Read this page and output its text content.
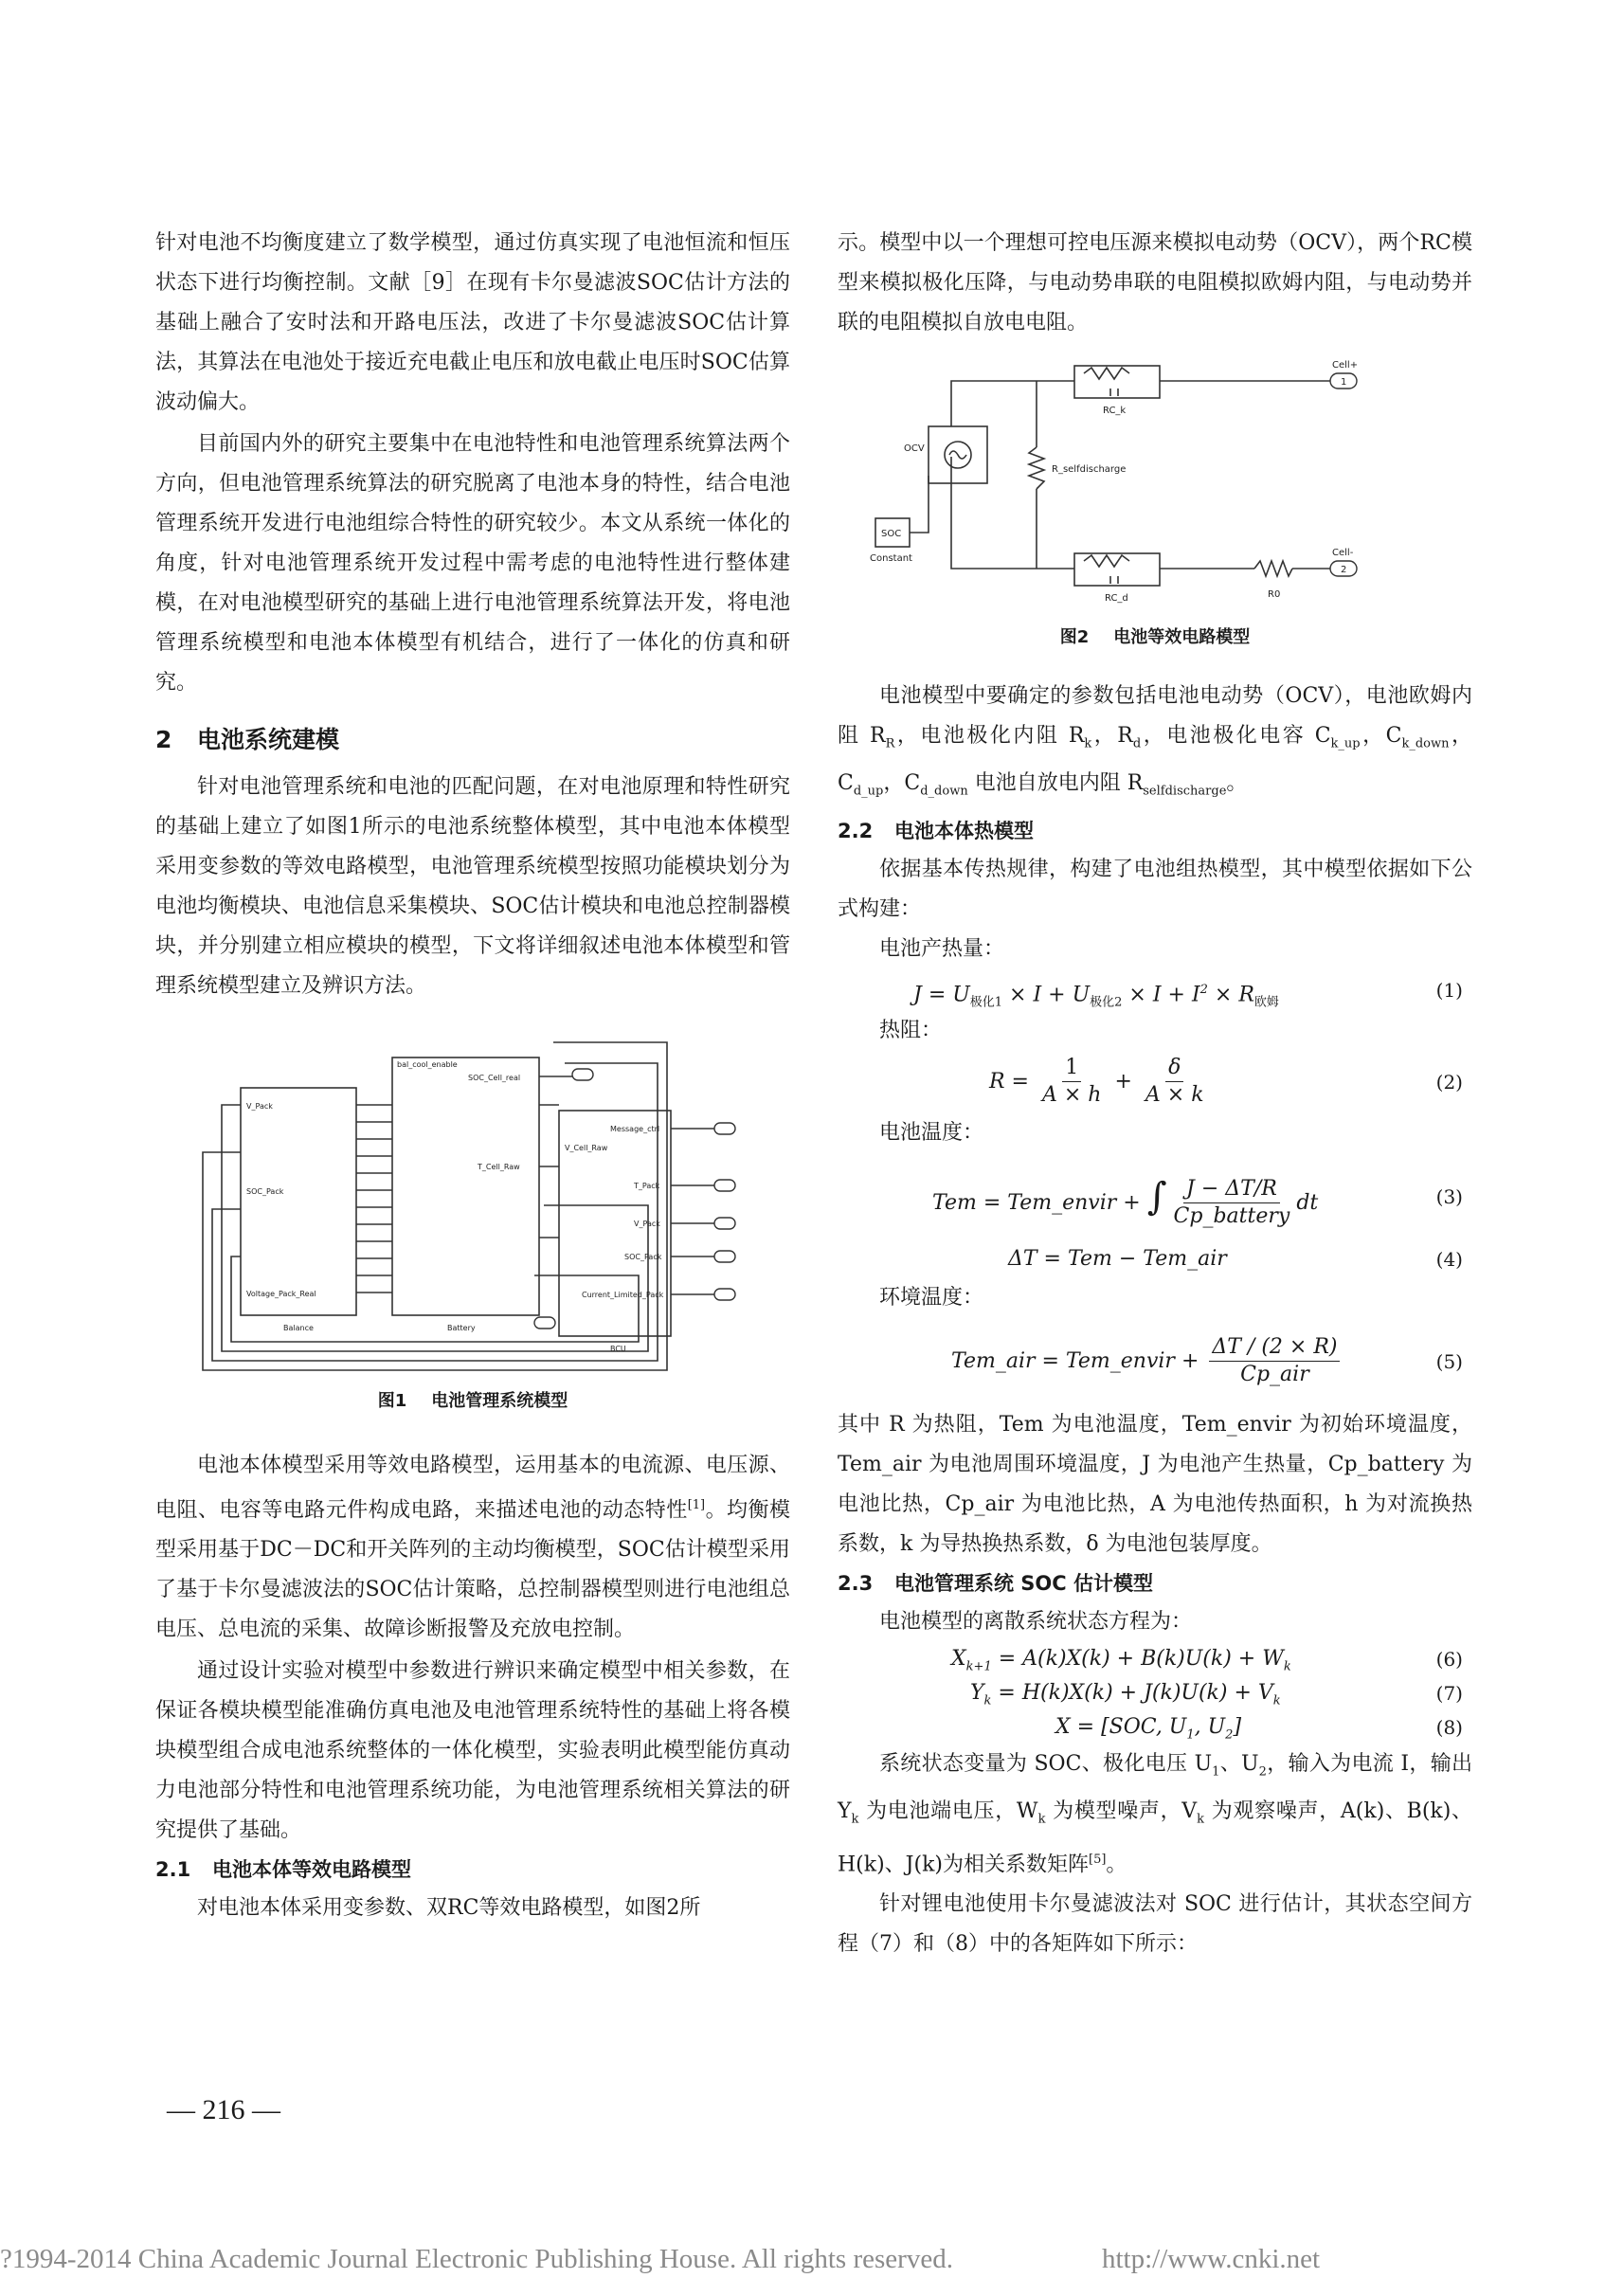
针对电池不均衡度建立了数学模型，通过仿真实现了电池恒流和恒压状态下进行均衡控制。文献［9］在现有卡尔曼滤波SOC估计方法的基础上融合了安时法和开路电压法，改进了卡尔曼滤波SOC估计算法，其算法在电池处于接近充电截止电压和放电截止电压时SOC估算波动偏大。

目前国内外的研究主要集中在电池特性和电池管理系统算法两个方向，但电池管理系统算法的研究脱离了电池本身的特性，结合电池管理系统开发进行电池组综合特性的研究较少。本文从系统一体化的角度，针对电池管理系统开发过程中需考虑的电池特性进行整体建模，在对电池模型研究的基础上进行电池管理系统算法开发，将电池管理系统模型和电池本体模型有机结合，进行了一体化的仿真和研究。

2 电池系统建模

针对电池管理系统和电池的匹配问题，在对电池原理和特性研究的基础上建立了如图1所示的电池系统整体模型，其中电池本体模型采用变参数的等效电路模型，电池管理系统模型按照功能模块划分为电池均衡模块、电池信息采集模块、SOC估计模块和电池总控制器模块，并分别建立相应模块的模型，下文将详细叙述电池本体模型和管理系统模型建立及辨识方法。

V_Pack
SOC_Pack
Voltage_Pack_Real
Balance	Battery
BCU
bal_cool_enable
SOC_Cell_real
T_Cell_Raw
V_Cell_Raw
Message_ctrl
T_Pack
V_Pack
SOC_Pack
Current_Limited_Pack
图1 电池管理系统模型

电池本体模型采用等效电路模型，运用基本的电流源、电压源、电阻、电容等电路元件构成电路，来描述电池的动态特性[1]。均衡模型采用基于DC－DC和开关阵列的主动均衡模型，SOC估计模型采用了基于卡尔曼滤波法的SOC估计策略，总控制器模型则进行电池组总电压、总电流的采集、故障诊断报警及充放电控制。

通过设计实验对模型中参数进行辨识来确定模型中相关参数，在保证各模块模型能准确仿真电池及电池管理系统特性的基础上将各模块模型组合成电池系统整体的一体化模型，实验表明此模型能仿真动力电池部分特性和电池管理系统功能，为电池管理系统相关算法的研究提供了基础。

2.1 电池本体等效电路模型

对电池本体采用变参数、双RC等效电路模型，如图2所

示。模型中以一个理想可控电压源来模拟电动势（OCV），两个RC模型来模拟极化压降，与电动势串联的电阻模拟欧姆内阻，与电动势并联的电阻模拟自放电电阻。

OCV
SOC
Constant
RC_k
RC_d
R_selfdischarge
R0
Cell+
Cell-
1
2
图2 电池等效电路模型

电池模型中要确定的参数包括电池电动势（OCV），电池欧姆内阻 $R_R$，电池极化内阻 $R_k$，$R_d$，电池极化电容 $C_{k\_up}$，$C_{k\_down}$，$C_{d\_up}$，$C_{d\_down}$ 电池自放电内阻 $R_{selfdischarge}$。

2.2 电池本体热模型

依据基本传热规律，构建了电池组热模型，其中模型依据如下公式构建：

电池产热量：
$J = U_{极化1} \times I + U_{极化2} \times I + I^2 \times R_{欧姆}$
(1)
热阻：
$R = \frac{1}{A \times h} + \frac{\delta}{A \times k}$	(2)
电池温度：
Tem = Tem_envir + ∫ $\frac{J - \Delta T/R}{\text{Cp\_battery}}$ dt	(3)
ΔT = Tem − Tem_air	(4)
环境温度：
Tem_air = Tem_envir + $\frac{\Delta T / (2 \times R)}{\text{Cp\_air}}$	(5)

其中 R 为热阻，Tem 为电池温度，Tem_envir 为初始环境温度，Tem_air 为电池周围环境温度，J 为电池产生热量，Cp_battery 为电池比热，Cp_air 为电池比热，A 为电池传热面积，h 为对流换热系数，k 为导热换热系数，δ 为电池包装厚度。

2.3 电池管理系统 SOC 估计模型

电池模型的离散系统状态方程为：

$X_{k+1} = A(k)X(k) + B(k)U(k) + W_k$	(6)
$Y_k = H(k)X(k) + J(k)U(k) + V_k$	(7)
X = [SOC, $U_1$, $U_2$]	(8)

系统状态变量为 SOC、极化电压 $U_1$、$U_2$，输入为电流 I，输出 $Y_k$ 为电池端电压，$W_k$ 为模型噪声，$V_k$ 为观察噪声，A(k)、B(k)、H(k)、J(k)为相关系数矩阵[5]。

针对锂电池使用卡尔曼滤波法对 SOC 进行估计，其状态空间方程（7）和（8）中的各矩阵如下所示：

— 216 —
?1994-2014 China Academic Journal Electronic Publishing House. All rights reserved.	http://www.cnki.net
